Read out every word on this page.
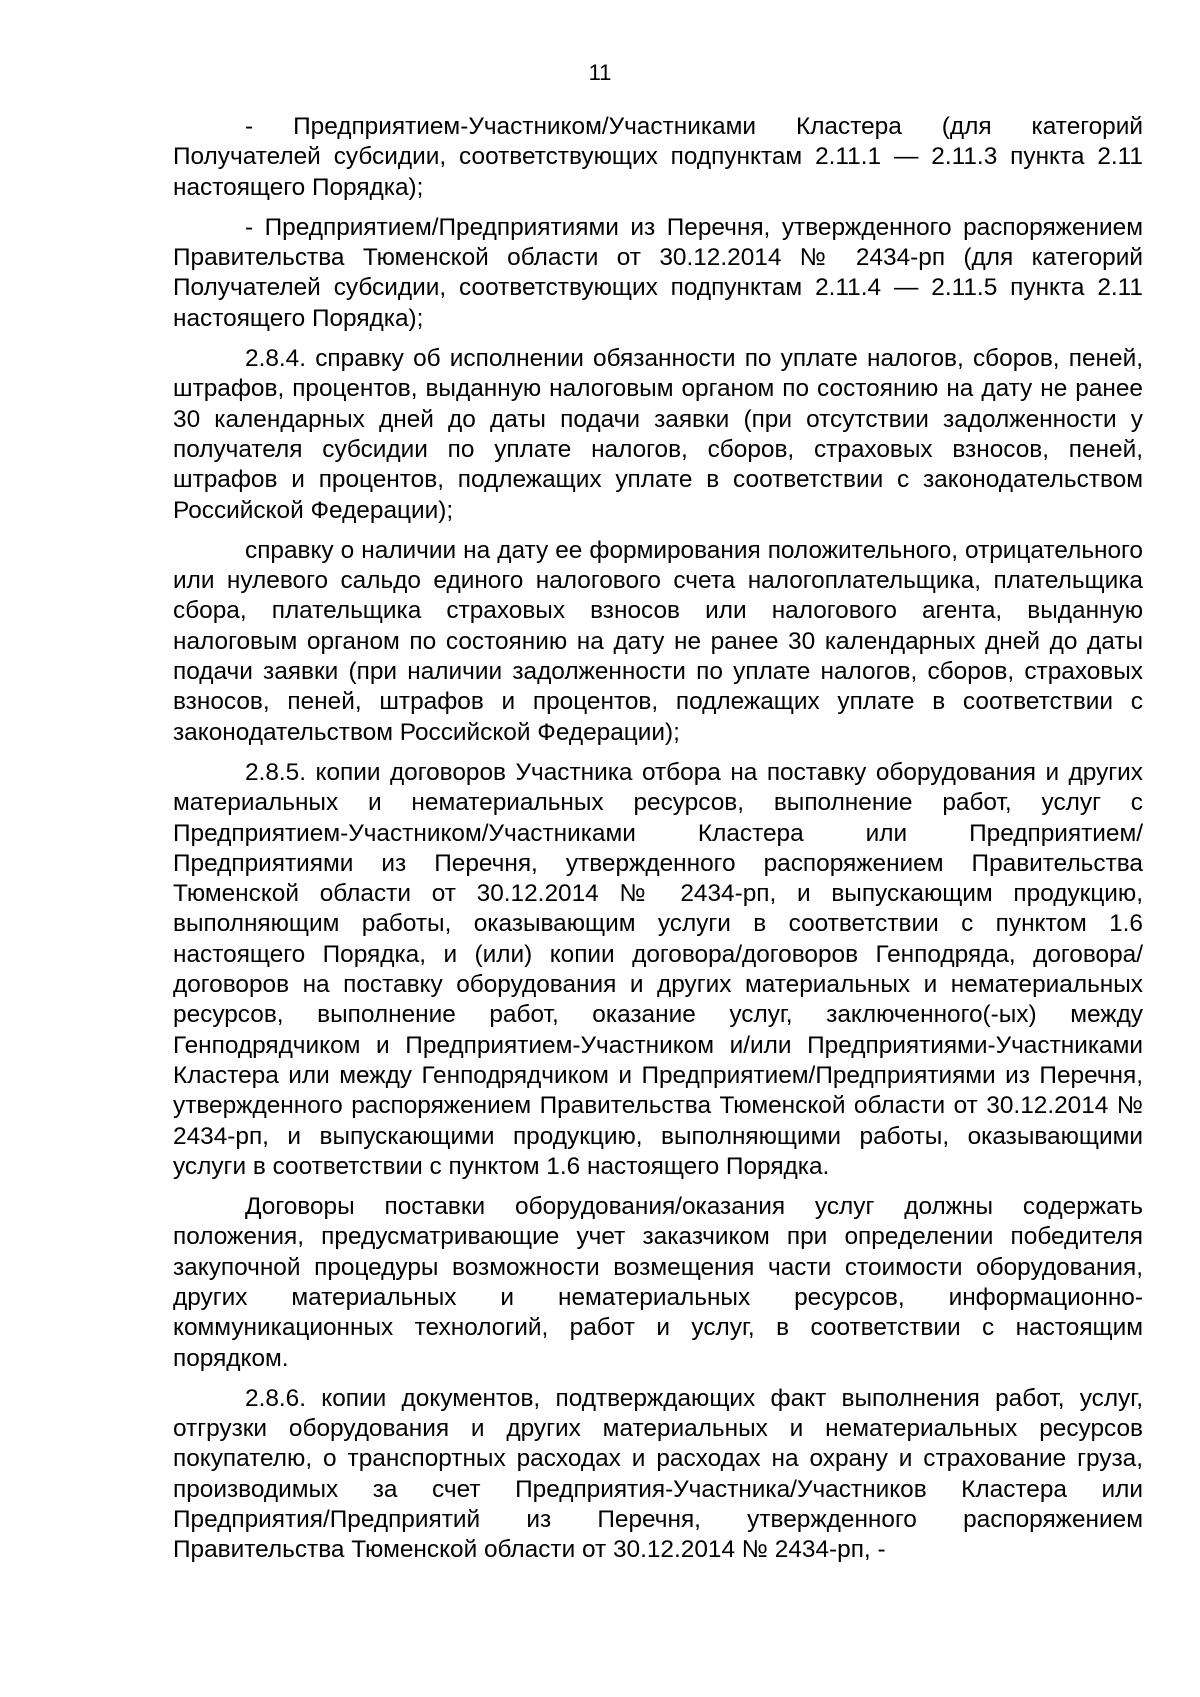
11

- Предприятием-Участником/Участниками Кластера (для категорий Получателей субсидии, соответствующих подпунктам 2.11.1 — 2.11.3 пункта 2.11 настоящего Порядка);

- Предприятием/Предприятиями из Перечня, утвержденного распоряжением Правительства Тюменской области от 30.12.2014 № 2434-рп (для категорий Получателей субсидии, соответствующих подпунктам 2.11.4 — 2.11.5 пункта 2.11 настоящего Порядка);

2.8.4. справку об исполнении обязанности по уплате налогов, сборов, пеней, штрафов, процентов, выданную налоговым органом по состоянию на дату не ранее 30 календарных дней до даты подачи заявки (при отсутствии задолженности у получателя субсидии по уплате налогов, сборов, страховых взносов, пеней, штрафов и процентов, подлежащих уплате в соответствии с законодательством Российской Федерации);

справку о наличии на дату ее формирования положительного, отрицательного или нулевого сальдо единого налогового счета налогоплательщика, плательщика сбора, плательщика страховых взносов или налогового агента, выданную налоговым органом по состоянию на дату не ранее 30 календарных дней до даты подачи заявки (при наличии задолженности по уплате налогов, сборов, страховых взносов, пеней, штрафов и процентов, подлежащих уплате в соответствии с законодательством Российской Федерации);

2.8.5. копии договоров Участника отбора на поставку оборудования и других материальных и нематериальных ресурсов, выполнение работ, услуг с Предприятием-Участником/Участниками Кластера или Предприятием/Предприятиями из Перечня, утвержденного распоряжением Правительства Тюменской области от 30.12.2014 № 2434-рп, и выпускающим продукцию, выполняющим работы, оказывающим услуги в соответствии с пунктом 1.6 настоящего Порядка, и (или) копии договора/договоров Генподряда, договора/договоров на поставку оборудования и других материальных и нематериальных ресурсов, выполнение работ, оказание услуг, заключенного(-ых) между Генподрядчиком и Предприятием-Участником и/или Предприятиями-Участниками Кластера или между Генподрядчиком и Предприятием/Предприятиями из Перечня, утвержденного распоряжением Правительства Тюменской области от 30.12.2014 № 2434-рп, и выпускающими продукцию, выполняющими работы, оказывающими услуги в соответствии с пунктом 1.6 настоящего Порядка.

Договоры поставки оборудования/оказания услуг должны содержать положения, предусматривающие учет заказчиком при определении победителя закупочной процедуры возможности возмещения части стоимости оборудования, других материальных и нематериальных ресурсов, информационно-коммуникационных технологий, работ и услуг, в соответствии с настоящим порядком.

2.8.6. копии документов, подтверждающих факт выполнения работ, услуг, отгрузки оборудования и других материальных и нематериальных ресурсов покупателю, о транспортных расходах и расходах на охрану и страхование груза, производимых за счет Предприятия-Участника/Участников Кластера или Предприятия/Предприятий из Перечня, утвержденного распоряжением Правительства Тюменской области от 30.12.2014 № 2434-рп, -
